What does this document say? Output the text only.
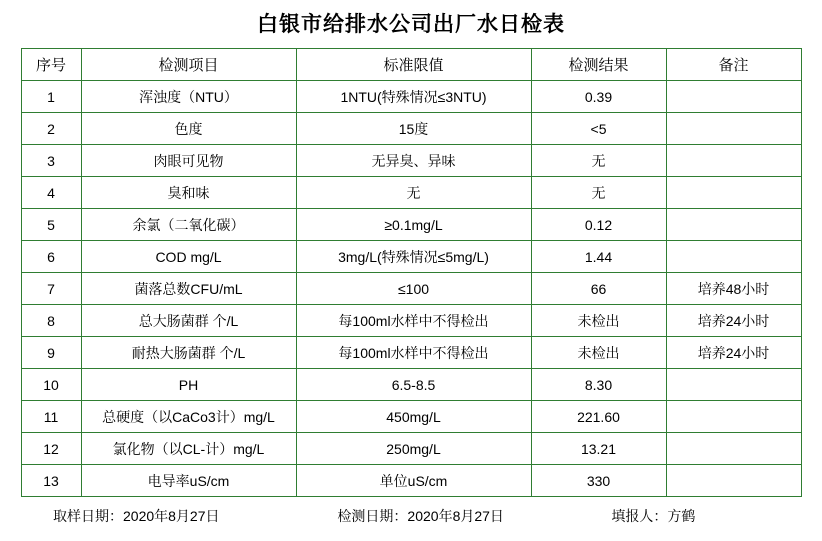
白银市给排水公司出厂水日检表
序号	检测项目	标准限值	检测结果	备注
1	浑浊度（NTU）	1NTU(特殊情况≤3NTU)	0.39	
2	色度	15度	<5	
3	肉眼可见物	无异臭、异味	无	
4	臭和味	无	无	
5	余氯（二氧化碳）	≥0.1mg/L	0.12	
6	COD mg/L	3mg/L(特殊情况≤5mg/L)	1.44	
7	菌落总数CFU/mL	≤100	66	培养48小时
8	总大肠菌群 个/L	每100ml水样中不得检出	未检出	培养24小时
9	耐热大肠菌群 个/L	每100ml水样中不得检出	未检出	培养24小时
10	PH	6.5-8.5	8.30	
11	总硬度（以CaCo3计）mg/L	450mg/L	221.60	
12	氯化物（以CL-计）mg/L	250mg/L	13.21	
13	电导率uS/cm	单位uS/cm	330	
取样日期：2020年8月27日	检测日期：2020年8月27日	填报人：方鹤
